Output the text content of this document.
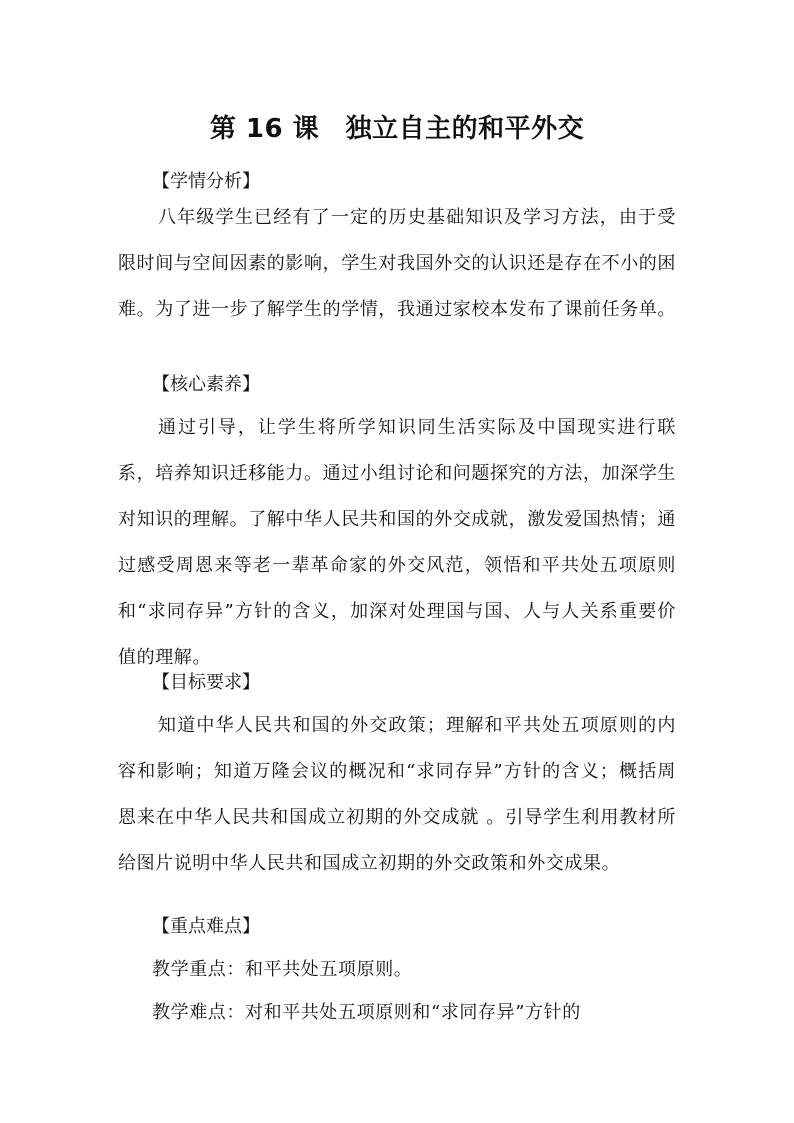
第 16 课　独立自主的和平外交
【学情分析】

八年级学生已经有了一定的历史基础知识及学习方法，由于受限时间与空间因素的影响，学生对我国外交的认识还是存在不小的困难。为了进一步了解学生的学情，我通过家校本发布了课前任务单。

【核心素养】

通过引导，让学生将所学知识同生活实际及中国现实进行联系，培养知识迁移能力。通过小组讨论和问题探究的方法，加深学生对知识的理解。了解中华人民共和国的外交成就，激发爱国热情；通过感受周恩来等老一辈革命家的外交风范，领悟和平共处五项原则和“求同存异”方针的含义，加深对处理国与国、人与人关系重要价值的理解。

【目标要求】

知道中华人民共和国的外交政策；理解和平共处五项原则的内容和影响；知道万隆会议的概况和“求同存异”方针的含义；概括周恩来在中华人民共和国成立初期的外交成就 。引导学生利用教材所给图片说明中华人民共和国成立初期的外交政策和外交成果。

【重点难点】
教学重点：和平共处五项原则。
教学难点：对和平共处五项原则和“求同存异”方针的
